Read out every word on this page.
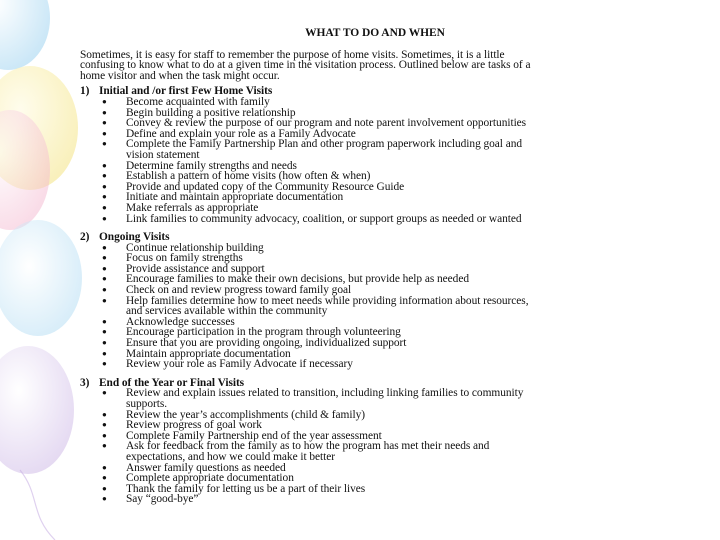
WHAT TO DO AND WHEN

Sometimes, it is easy for staff to remember the purpose of home visits. Sometimes, it is a little
confusing to know what to do at a given time in the visitation process. Outlined below are tasks of a
home visitor and when the task might occur.

1) Initial and /or first Few Home Visits
●	Become acquainted with family
●	Begin building a positive relationship
●	Convey & review the purpose of our program and note parent involvement opportunities
●	Define and explain your role as a Family Advocate
●	Complete the Family Partnership Plan and other program paperwork including goal and
vision statement
●	Determine family strengths and needs
●	Establish a pattern of home visits (how often & when)
●	Provide and updated copy of the Community Resource Guide
●	Initiate and maintain appropriate documentation
●	Make referrals as appropriate
●	Link families to community advocacy, coalition, or support groups as needed or wanted
2) Ongoing Visits
●	Continue relationship building
●	Focus on family strengths
●	Provide assistance and support
●	Encourage families to make their own decisions, but provide help as needed
●	Check on and review progress toward family goal
●	Help families determine how to meet needs while providing information about resources,
and services available within the community
●	Acknowledge successes
●	Encourage participation in the program through volunteering
●	Ensure that you are providing ongoing, individualized support
●	Maintain appropriate documentation
●	Review your role as Family Advocate if necessary
3) End of the Year or Final Visits
●	Review and explain issues related to transition, including linking families to community
supports.
●	Review the year’s accomplishments (child & family)
●	Review progress of goal work
●	Complete Family Partnership end of the year assessment
●	Ask for feedback from the family as to how the program has met their needs and
expectations, and how we could make it better
●	Answer family questions as needed
●	Complete appropriate documentation
●	Thank the family for letting us be a part of their lives
●	Say “good-bye”
